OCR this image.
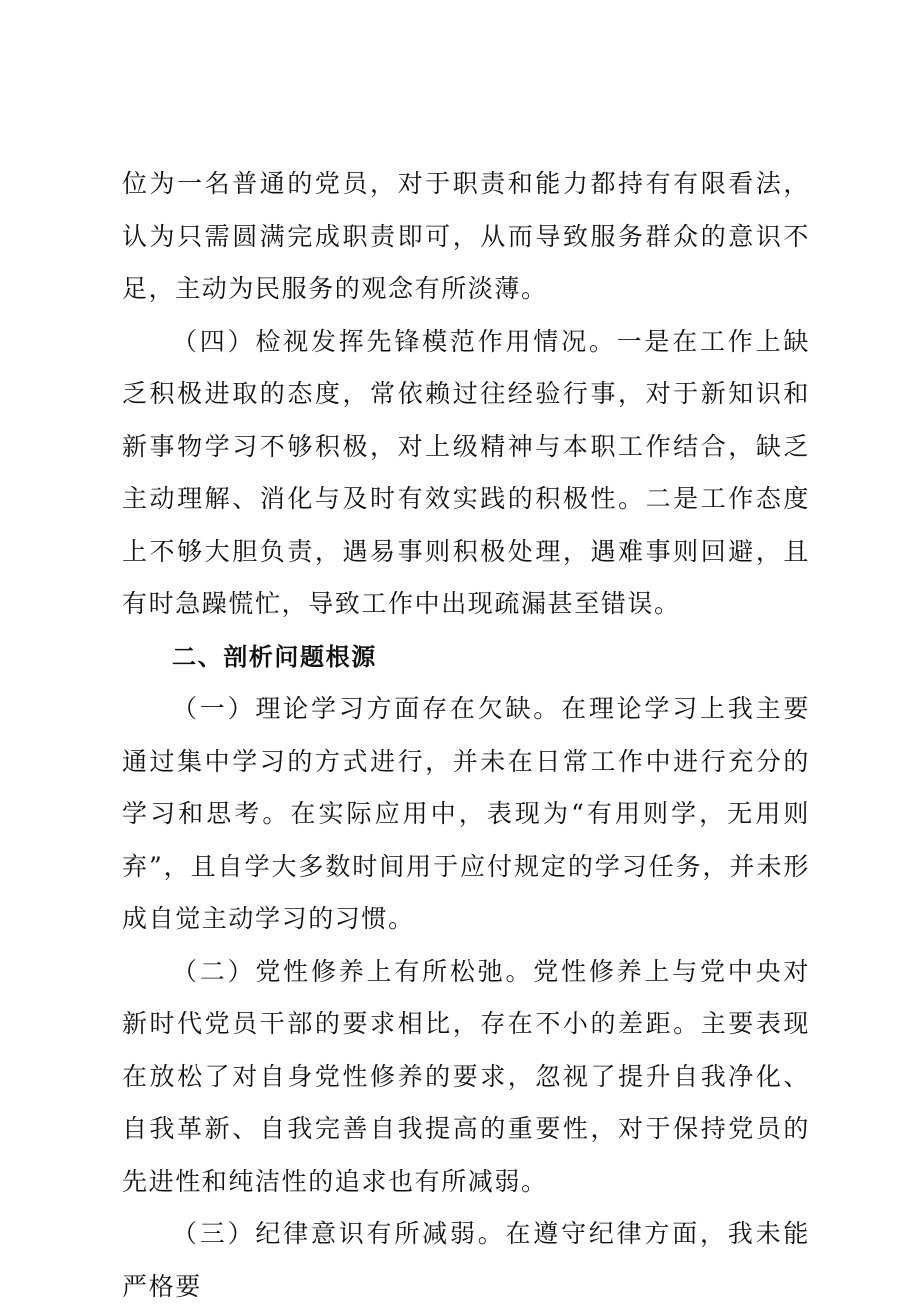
位为一名普通的党员，对于职责和能力都持有有限看法，认为只需圆满完成职责即可，从而导致服务群众的意识不足，主动为民服务的观念有所淡薄。

（四）检视发挥先锋模范作用情况。一是在工作上缺乏积极进取的态度，常依赖过往经验行事，对于新知识和新事物学习不够积极，对上级精神与本职工作结合，缺乏主动理解、消化与及时有效实践的积极性。二是工作态度上不够大胆负责，遇易事则积极处理，遇难事则回避，且有时急躁慌忙，导致工作中出现疏漏甚至错误。

二、剖析问题根源

（一）理论学习方面存在欠缺。在理论学习上我主要通过集中学习的方式进行，并未在日常工作中进行充分的学习和思考。在实际应用中，表现为“有用则学，无用则弃”，且自学大多数时间用于应付规定的学习任务，并未形成自觉主动学习的习惯。

（二）党性修养上有所松弛。党性修养上与党中央对新时代党员干部的要求相比，存在不小的差距。主要表现在放松了对自身党性修养的要求，忽视了提升自我净化、自我革新、自我完善自我提高的重要性，对于保持党员的先进性和纯洁性的追求也有所减弱。

（三）纪律意识有所减弱。在遵守纪律方面，我未能严格要
